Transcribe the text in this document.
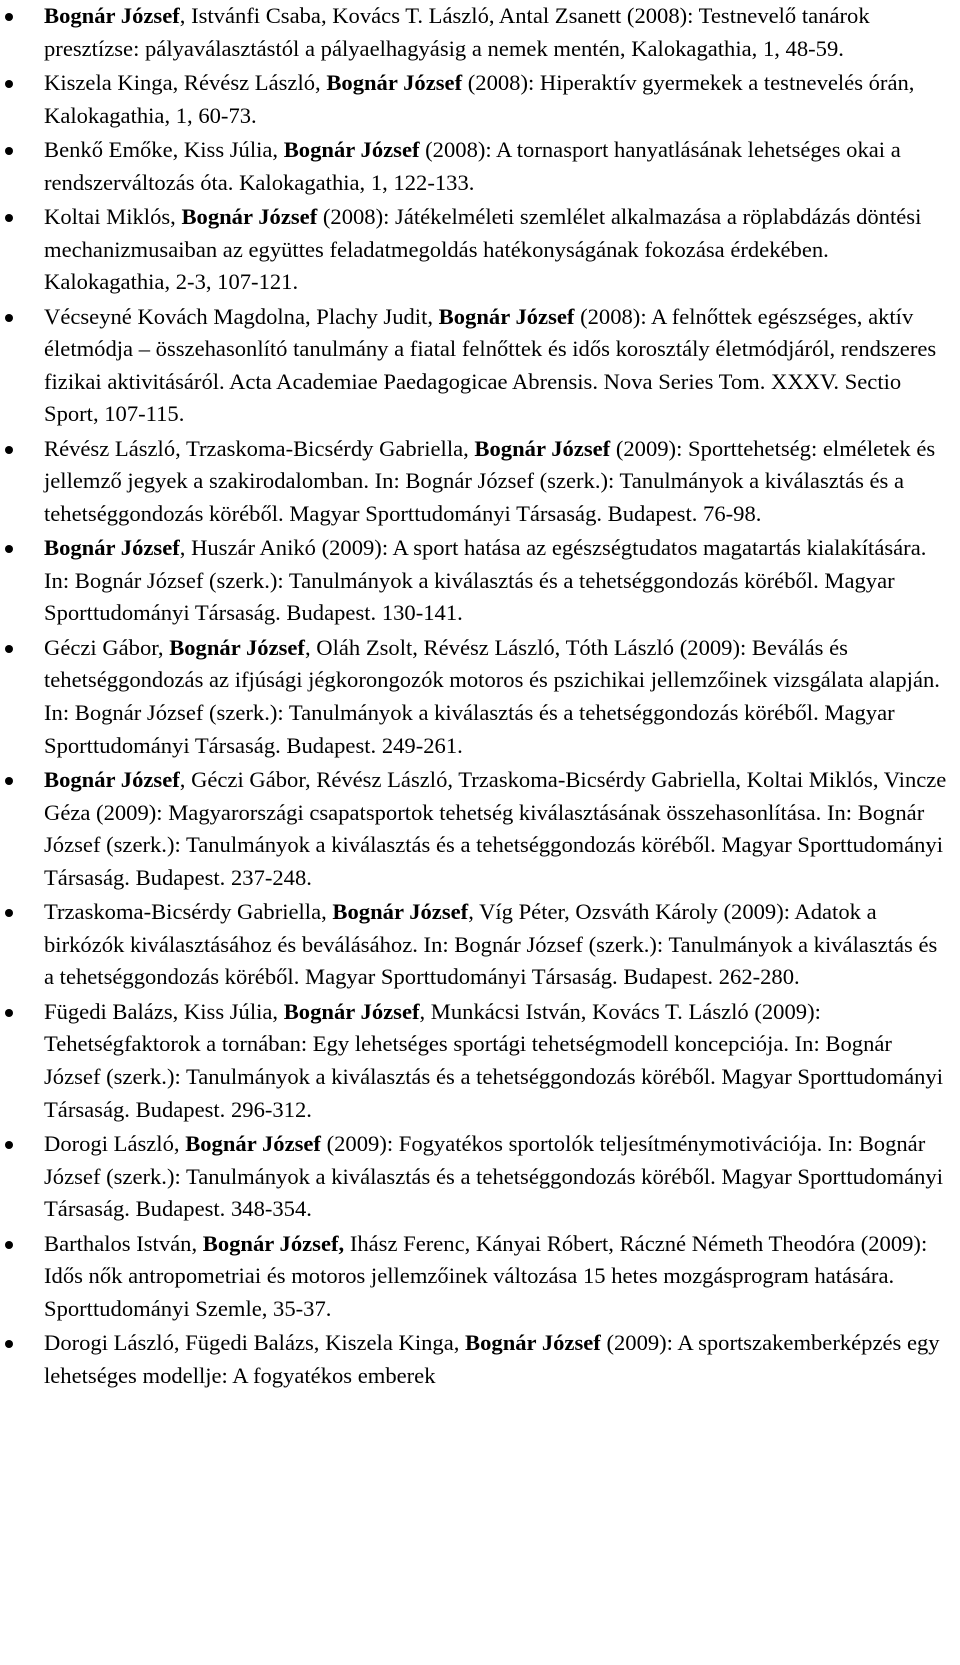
Bognár József, Istvánfi Csaba, Kovács T. László, Antal Zsanett (2008): Testnevelő tanárok presztízse: pályaválasztástól a pályaelhagyásig a nemek mentén, Kalokagathia, 1, 48-59.
Kiszela Kinga, Révész László, Bognár József (2008): Hiperaktív gyermekek a testnevelés órán, Kalokagathia, 1, 60-73.
Benkő Emőke, Kiss Júlia, Bognár József (2008): A tornasport hanyatlásának lehetséges okai a rendszerváltozás óta. Kalokagathia, 1, 122-133.
Koltai Miklós, Bognár József (2008): Játékelméleti szemlélet alkalmazása a röplabdázás döntési mechanizmusaiban az együttes feladatmegoldás hatékonyságának fokozása érdekében. Kalokagathia, 2-3, 107-121.
Vécseyné Kovách Magdolna, Plachy Judit, Bognár József (2008): A felnőttek egészséges, aktív életmódja – összehasonlító tanulmány a fiatal felnőttek és idős korosztály életmódjáról, rendszeres fizikai aktivitásáról. Acta Academiae Paedagogicae Abrensis. Nova Series Tom. XXXV. Sectio Sport, 107-115.
Révész László, Trzaskoma-Bicsérdy Gabriella, Bognár József (2009): Sporttehetség: elméletek és jellemző jegyek a szakirodalomban. In: Bognár József (szerk.): Tanulmányok a kiválasztás és a tehetséggondozás köréből. Magyar Sporttudományi Társaság. Budapest. 76-98.
Bognár József, Huszár Anikó (2009): A sport hatása az egészségtudatos magatartás kialakítására. In: Bognár József (szerk.): Tanulmányok a kiválasztás és a tehetséggondozás köréből. Magyar Sporttudományi Társaság. Budapest. 130-141.
Géczi Gábor, Bognár József, Oláh Zsolt, Révész László, Tóth László (2009): Beválás és tehetséggondozás az ifjúsági jégkorongozók motoros és pszichikai jellemzőinek vizsgálata alapján. In: Bognár József (szerk.): Tanulmányok a kiválasztás és a tehetséggondozás köréből. Magyar Sporttudományi Társaság. Budapest. 249-261.
Bognár József, Géczi Gábor, Révész László, Trzaskoma-Bicsérdy Gabriella, Koltai Miklós, Vincze Géza (2009): Magyarországi csapatsportok tehetség kiválasztásának összehasonlítása. In: Bognár József (szerk.): Tanulmányok a kiválasztás és a tehetséggondozás köréből. Magyar Sporttudományi Társaság. Budapest. 237-248.
Trzaskoma-Bicsérdy Gabriella, Bognár József, Víg Péter, Ozsváth Károly (2009): Adatok a birkózók kiválasztásához és beválásához. In: Bognár József (szerk.): Tanulmányok a kiválasztás és a tehetséggondozás köréből. Magyar Sporttudományi Társaság. Budapest. 262-280.
Fügedi Balázs, Kiss Júlia, Bognár József, Munkácsi István, Kovács T. László (2009): Tehetségfaktorok a tornában: Egy lehetséges sportági tehetségmodell koncepciója. In: Bognár József (szerk.): Tanulmányok a kiválasztás és a tehetséggondozás köréből. Magyar Sporttudományi Társaság. Budapest. 296-312.
Dorogi László, Bognár József (2009): Fogyatékos sportolók teljesítménymotivációja. In: Bognár József (szerk.): Tanulmányok a kiválasztás és a tehetséggondozás köréből. Magyar Sporttudományi Társaság. Budapest. 348-354.
Barthalos István, Bognár József, Ihász Ferenc, Kányai Róbert, Ráczné Németh Theodóra (2009): Idős nők antropometriai és motoros jellemzőinek változása 15 hetes mozgásprogram hatására. Sporttudományi Szemle, 35-37.
Dorogi László, Fügedi Balázs, Kiszela Kinga, Bognár József (2009): A sportszakemberképzés egy lehetséges modellje: A fogyatékos emberek
